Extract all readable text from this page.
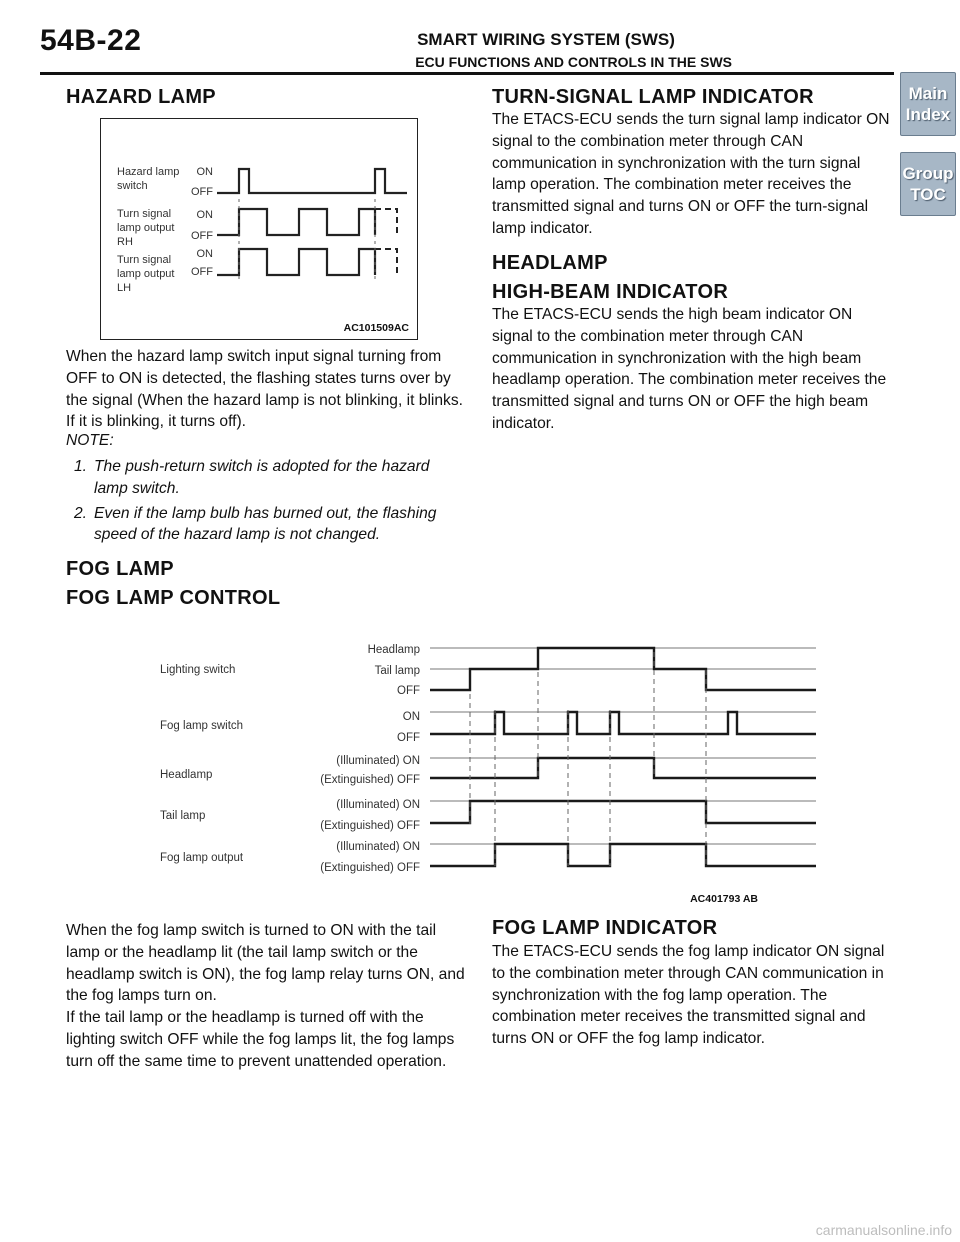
54B-22	SMART WIRING SYSTEM (SWS)
ECU FUNCTIONS AND CONTROLS IN THE SWS
Main
Index
Group
TOC
HAZARD LAMP
Hazard lamp
switch
ON
OFF
Turn signal
lamp output
RH
ON
OFF
Turn signal
lamp output
LH
ON
OFF
AC101509AC
When the hazard lamp switch input signal turning from OFF to ON is detected, the flashing states turns over by the signal (When the hazard lamp is not blinking, it blinks. If it is blinking, it turns off).
NOTE:
1. The push-return switch is adopted for the hazard lamp switch.
2. Even if the lamp bulb has burned out, the flashing speed of the hazard lamp is not changed.
TURN-SIGNAL LAMP INDICATOR
The ETACS-ECU sends the turn signal lamp indicator ON signal to the combination meter through CAN communication in synchronization with the turn signal lamp operation. The combination meter receives the transmitted signal and turns ON or OFF the turn-signal lamp indicator.
HEADLAMP
HIGH-BEAM INDICATOR
The ETACS-ECU sends the high beam indicator ON signal to the combination meter through CAN communication in synchronization with the high beam headlamp operation. The combination meter receives the transmitted signal and turns ON or OFF the high beam indicator.
FOG LAMP
FOG LAMP CONTROL
Lighting switch
Fog lamp switch
Headlamp
Tail lamp
Fog lamp output
Headlamp
Tail lamp
OFF
ON
OFF
(Illuminated) ON
(Extinguished) OFF
(Illuminated) ON
(Extinguished) OFF
(Illuminated) ON
(Extinguished) OFF
AC401793 AB
When the fog lamp switch is turned to ON with the tail lamp or the headlamp lit (the tail lamp switch or the headlamp switch is ON), the fog lamp relay turns ON, and the fog lamps turn on.
If the tail lamp or the headlamp is turned off with the lighting switch OFF while the fog lamps lit, the fog lamps turn off the same time to prevent unattended operation.
FOG LAMP INDICATOR
The ETACS-ECU sends the fog lamp indicator ON signal to the combination meter through CAN communication in synchronization with the fog lamp operation. The combination meter receives the transmitted signal and turns ON or OFF the fog lamp indicator.
carmanualsonline.info
